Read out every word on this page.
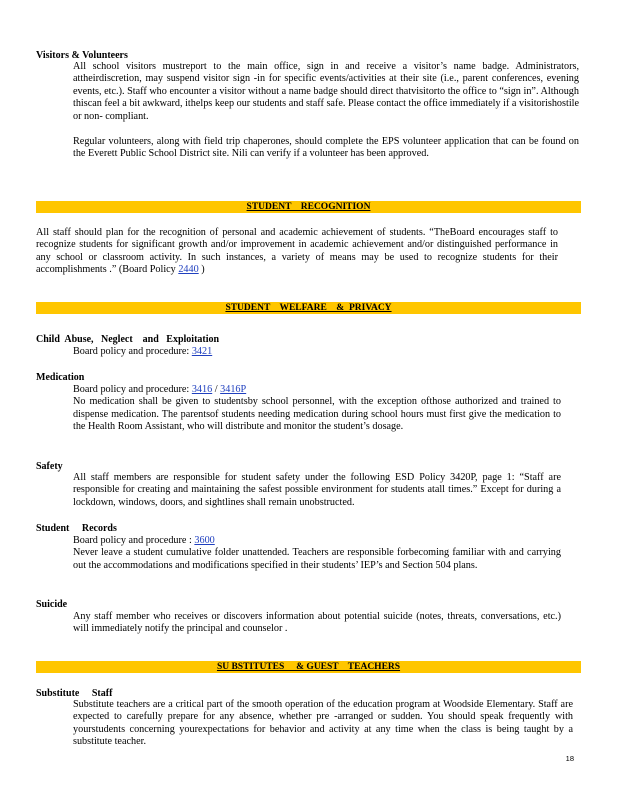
Visitors & Volunteers

All school visitors mustreport to the main office, sign in and receive a visitor’s name badge. Administrators, attheirdiscretion, may suspend visitor sign -in for specific events/activities at their site (i.e., parent conferences, evening events, etc.). Staff who encounter a visitor without a name badge should direct thatvisitorto the office to “sign in”. Although thiscan feel a bit awkward, ithelps keep our students and staff safe. Please contact the office immediately if a visitorishostile or non- compliant.

Regular volunteers, along with field trip chaperones, should complete the EPS volunteer application that can be found on the Everett Public School District site. Nili can verify if a volunteer has been approved.

STUDENT    RECOGNITION
All staff should plan for the recognition of personal and academic achievement of students. “TheBoard encourages staff to recognize students for significant growth and/or improvement in academic achievement and/or distinguished performance in any school or classroom activity. In such instances, a variety of means may be used to recognize students for their accomplishments .” (Board Policy 2440 )
STUDENT    WELFARE    &  PRIVACY
Child  Abuse,   Neglect    and   Exploitation
Board policy and procedure: 3421
Medication

Board policy and procedure: 3416 / 3416P

No medication shall be given to studentsby school personnel, with the exception ofthose authorized and trained to dispense medication. The parentsof students needing medication during school hours must first give the medication to the Health Room Assistant, who will distribute and monitor the student’s dosage.

Safety
All staff members are responsible for student safety under the following ESD Policy 3420P, page 1: “Staff are responsible for creating and maintaining the safest possible environment for students atall times.” Except for during a lockdown, windows, doors, and sightlines shall remain unobstructed.
Student     Records

Board policy and procedure : 3600

Never leave a student cumulative folder unattended. Teachers are responsible forbecoming familiar with and carrying out the accommodations and modifications specified in their students’ IEP’s and Section 504 plans.

Suicide
Any staff member who receives or discovers information about potential suicide (notes, threats, conversations, etc.) will immediately notify the principal and counselor .
SU BSTITUTES     & GUEST    TEACHERS
Substitute     Staff
Substitute teachers are a critical part of the smooth operation of the education program at Woodside Elementary. Staff are expected to carefully prepare for any absence, whether pre -arranged or sudden. You should speak frequently with yourstudents concerning yourexpectations for behavior and activity at any time when the class is being taught by a substitute teacher.
18
